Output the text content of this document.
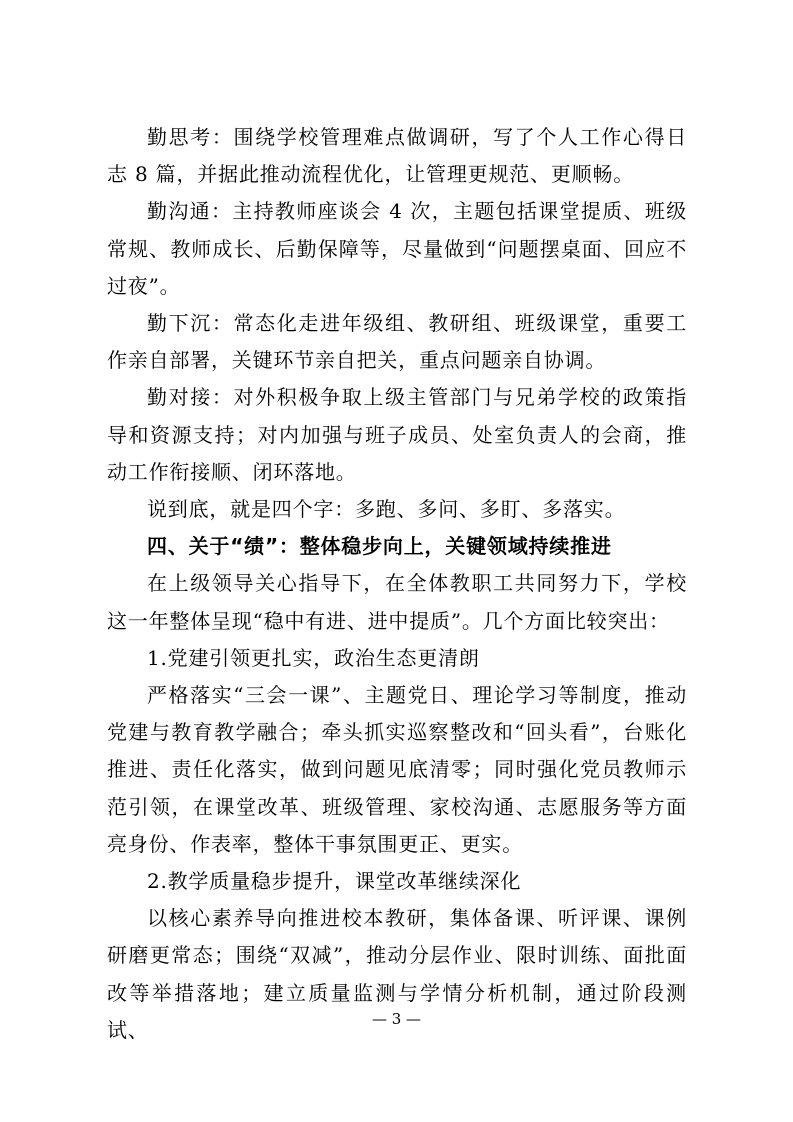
勤思考：围绕学校管理难点做调研，写了个人工作心得日志 8 篇，并据此推动流程优化，让管理更规范、更顺畅。

勤沟通：主持教师座谈会 4 次，主题包括课堂提质、班级常规、教师成长、后勤保障等，尽量做到“问题摆桌面、回应不过夜”。

勤下沉：常态化走进年级组、教研组、班级课堂，重要工作亲自部署，关键环节亲自把关，重点问题亲自协调。

勤对接：对外积极争取上级主管部门与兄弟学校的政策指导和资源支持；对内加强与班子成员、处室负责人的会商，推动工作衔接顺、闭环落地。

说到底，就是四个字：多跑、多问、多盯、多落实。

四、关于“绩”：整体稳步向上，关键领域持续推进

在上级领导关心指导下，在全体教职工共同努力下，学校这一年整体呈现“稳中有进、进中提质”。几个方面比较突出：

1.党建引领更扎实，政治生态更清朗

严格落实“三会一课”、主题党日、理论学习等制度，推动党建与教育教学融合；牵头抓实巡察整改和“回头看”，台账化推进、责任化落实，做到问题见底清零；同时强化党员教师示范引领，在课堂改革、班级管理、家校沟通、志愿服务等方面亮身份、作表率，整体干事氛围更正、更实。

2.教学质量稳步提升，课堂改革继续深化

以核心素养导向推进校本教研，集体备课、听评课、课例研磨更常态；围绕“双减”，推动分层作业、限时训练、面批面改等举措落地；建立质量监测与学情分析机制，通过阶段测试、	— 3 —
